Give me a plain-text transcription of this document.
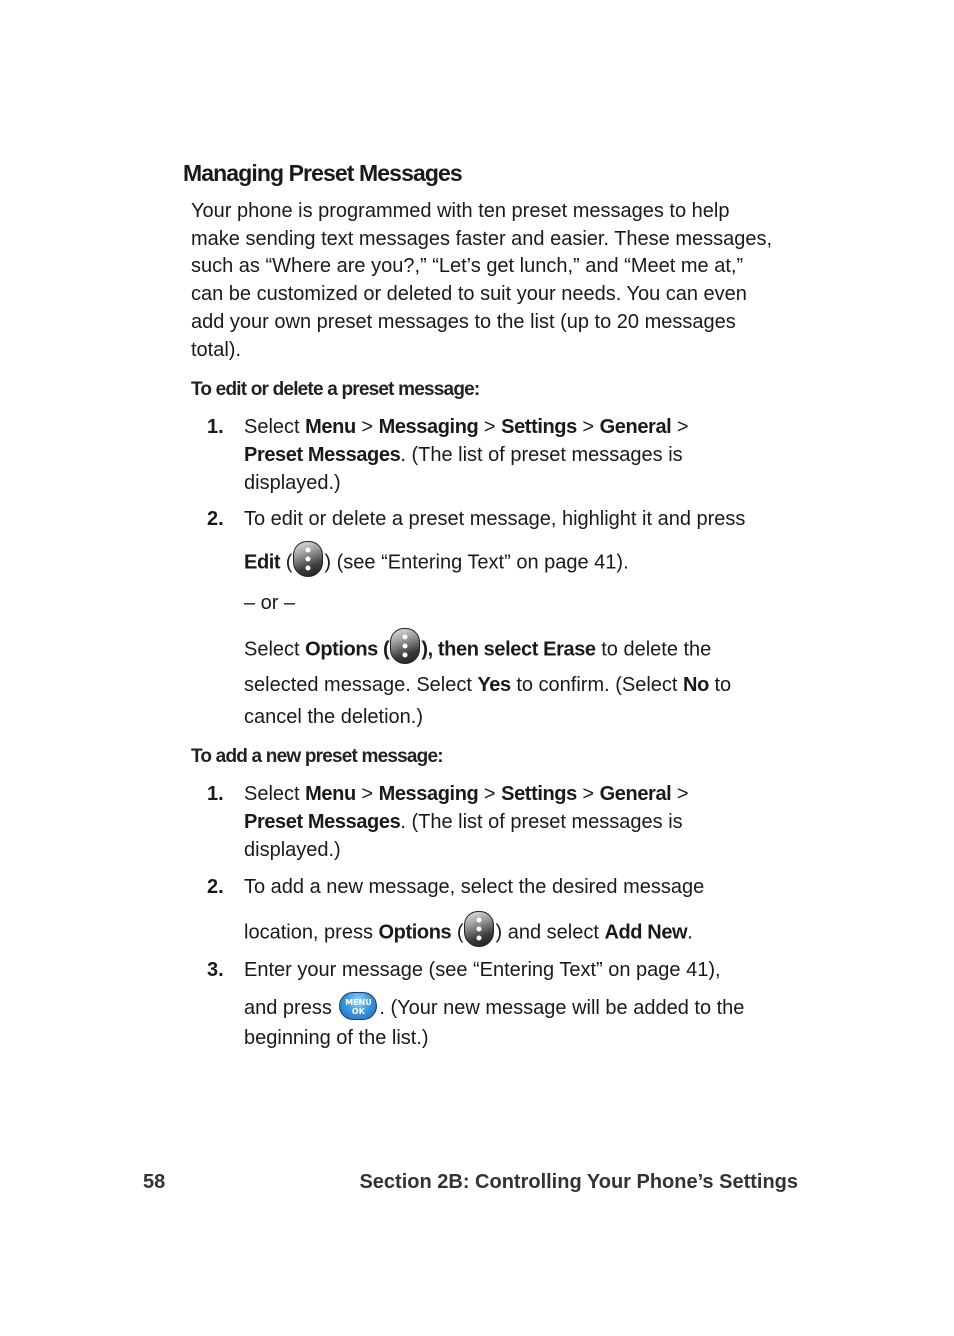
Managing Preset Messages
Your phone is programmed with ten preset messages to help
make sending text messages faster and easier. These messages,
such as “Where are you?,” “Let’s get lunch,” and “Meet me at,”
can be customized or deleted to suit your needs. You can even
add your own preset messages to the list (up to 20 messages
total).
To edit or delete a preset message:
1. Select Menu > Messaging > Settings > General >
Preset Messages. (The list of preset messages is
displayed.)
2. To edit or delete a preset message, highlight it and press
Edit ( ) (see “Entering Text” on page 41).
– or –
Select Options ( ), then select Erase to delete the
selected message. Select Yes to confirm. (Select No to
cancel the deletion.)
To add a new preset message:
1. Select Menu > Messaging > Settings > General >
Preset Messages. (The list of preset messages is
displayed.)
2. To add a new message, select the desired message
location, press Options ( ) and select Add New.
3. Enter your message (see “Entering Text” on page 41),
and press MENU
OK . (Your new message will be added to the
beginning of the list.)
58	Section 2B: Controlling Your Phone’s Settings
